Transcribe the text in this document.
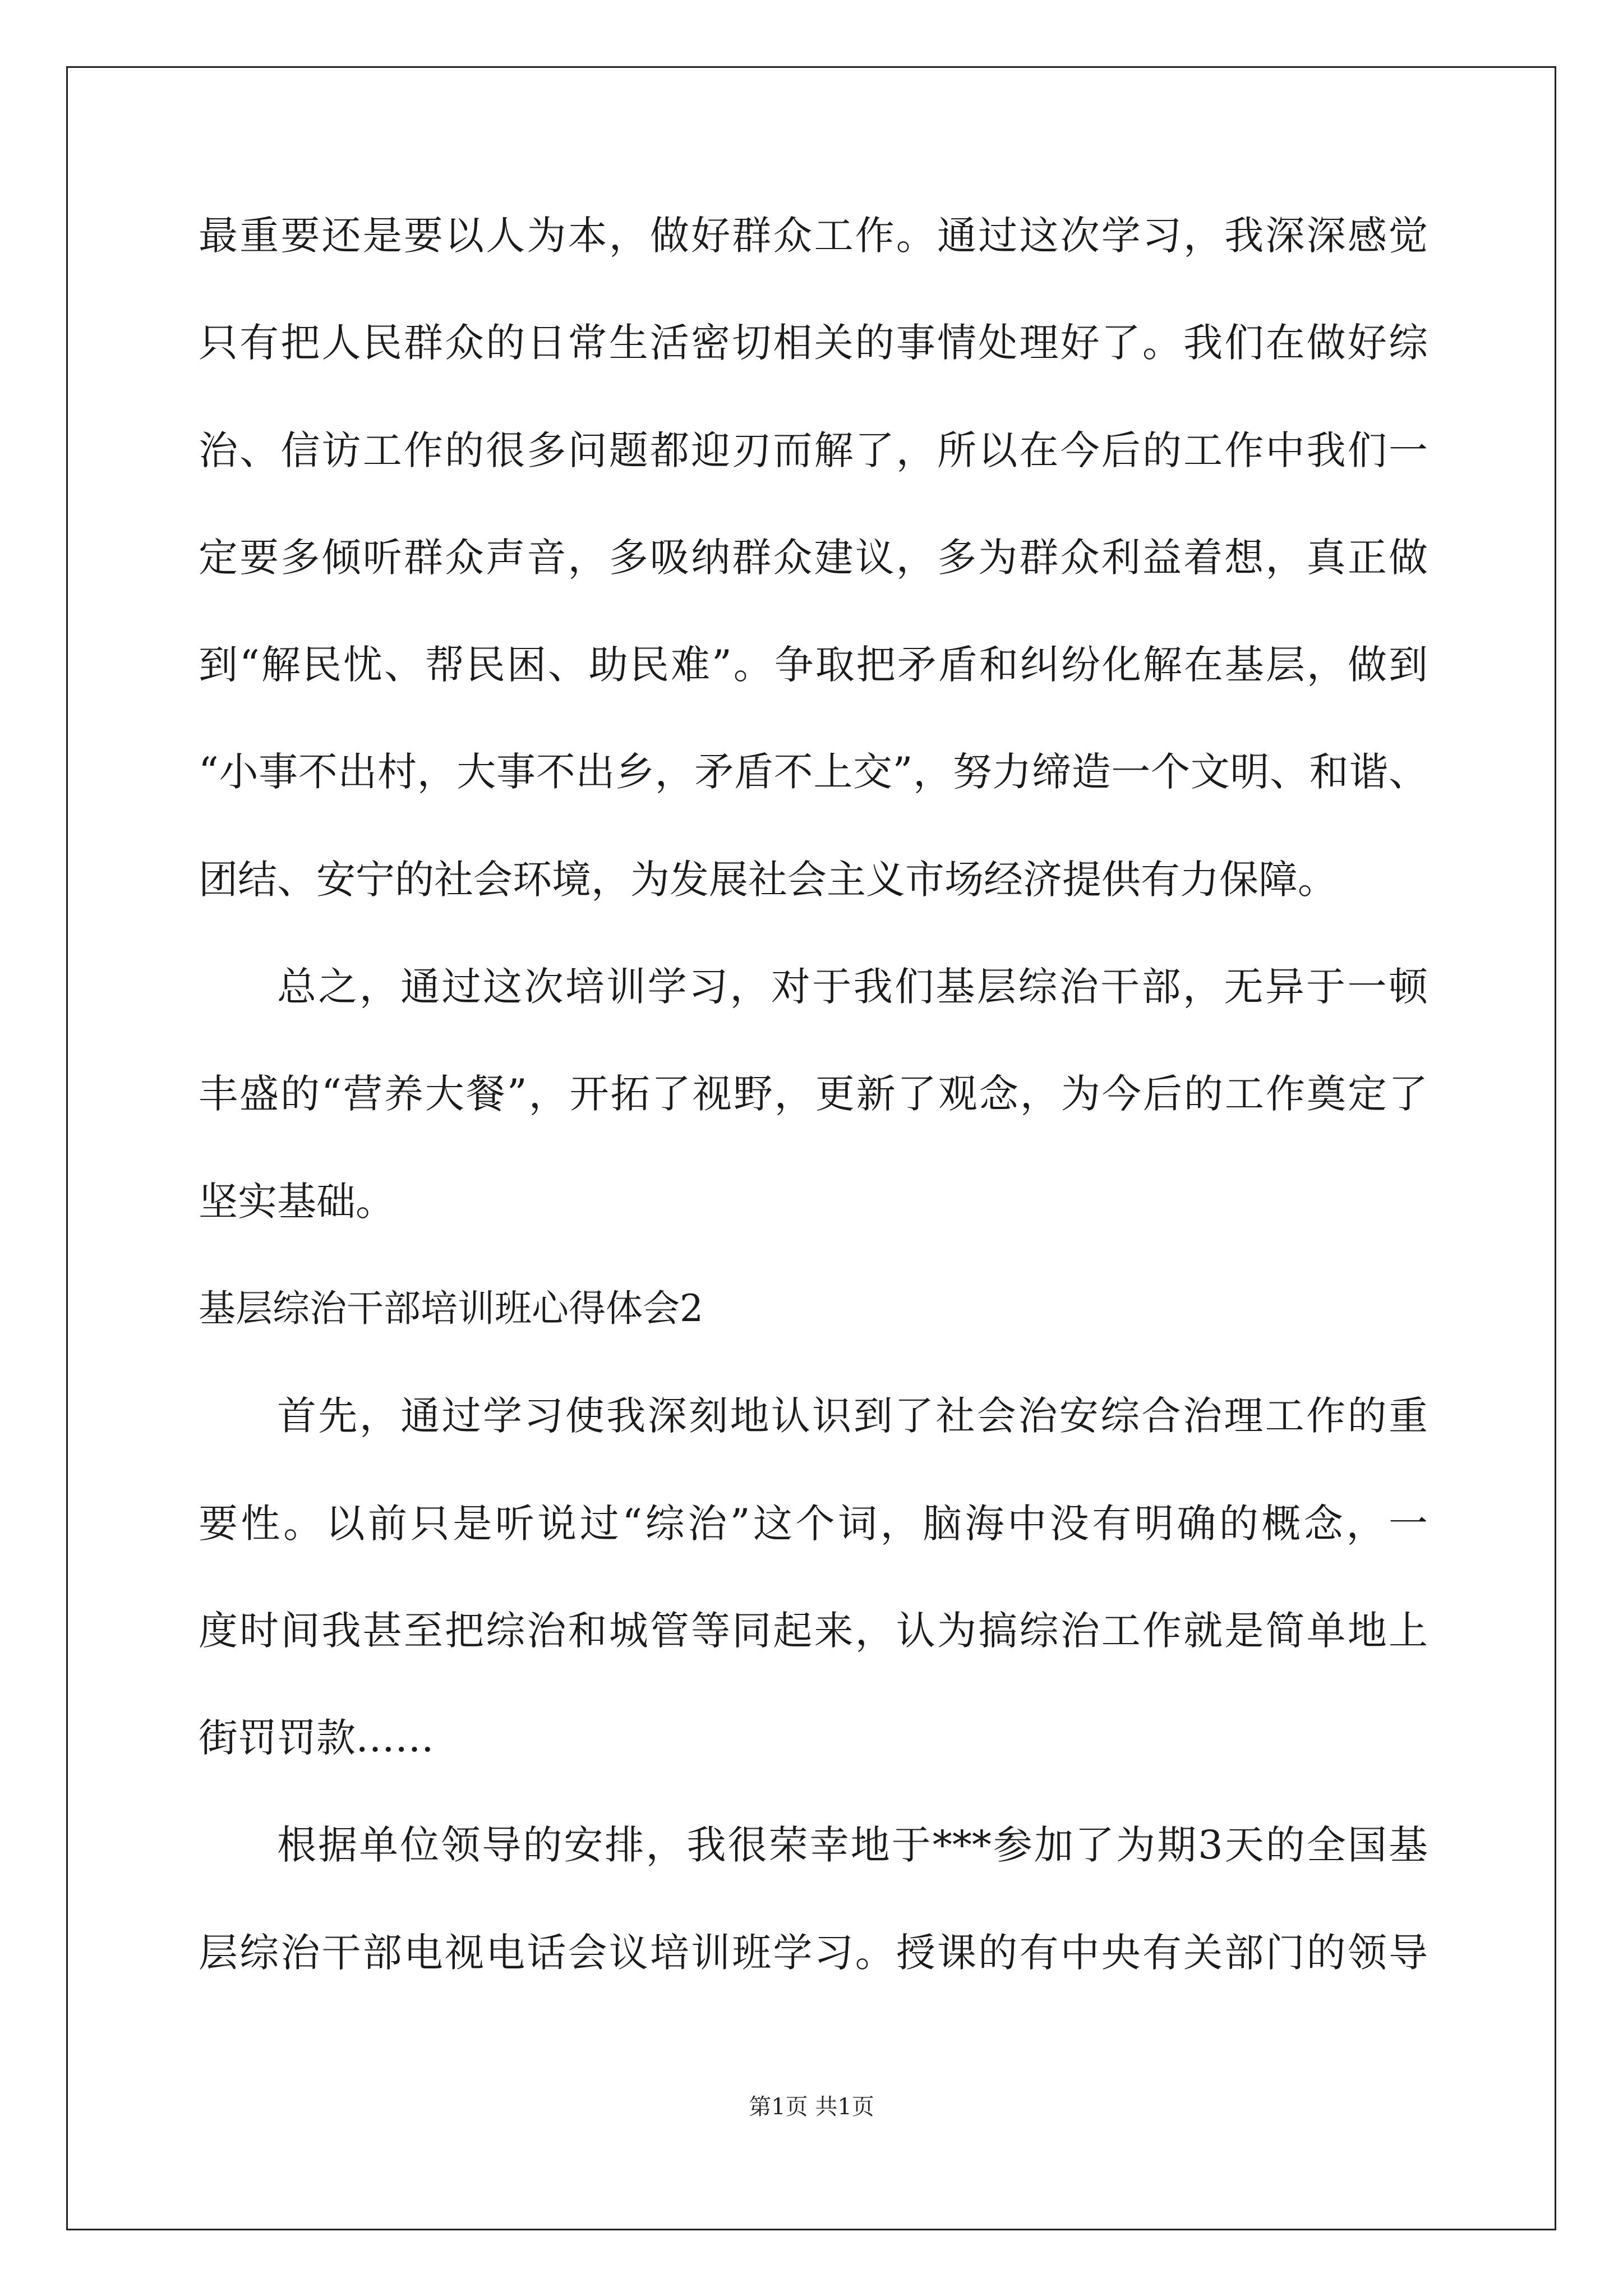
最重要还是要以人为本，做好群众工作。通过这次学习，我深深感觉
只有把人民群众的日常生活密切相关的事情处理好了。我们在做好综
治、信访工作的很多问题都迎刃而解了，所以在今后的工作中我们一
定要多倾听群众声音，多吸纳群众建议，多为群众利益着想，真正做
到“解民忧、帮民困、助民难”。争取把矛盾和纠纷化解在基层，做到
“小事不出村，大事不出乡，矛盾不上交”，努力缔造一个文明、和谐、
团结、安宁的社会环境，为发展社会主义市场经济提供有力保障。
总之，通过这次培训学习，对于我们基层综治干部，无异于一顿
丰盛的“营养大餐”，开拓了视野，更新了观念，为今后的工作奠定了
坚实基础。
基层综治干部培训班心得体会2
首先，通过学习使我深刻地认识到了社会治安综合治理工作的重
要性。以前只是听说过“综治”这个词，脑海中没有明确的概念，一
度时间我甚至把综治和城管等同起来，认为搞综治工作就是简单地上
街罚罚款……
根据单位领导的安排，我很荣幸地于***参加了为期3天的全国基
层综治干部电视电话会议培训班学习。授课的有中央有关部门的领导
第1页 共1页
